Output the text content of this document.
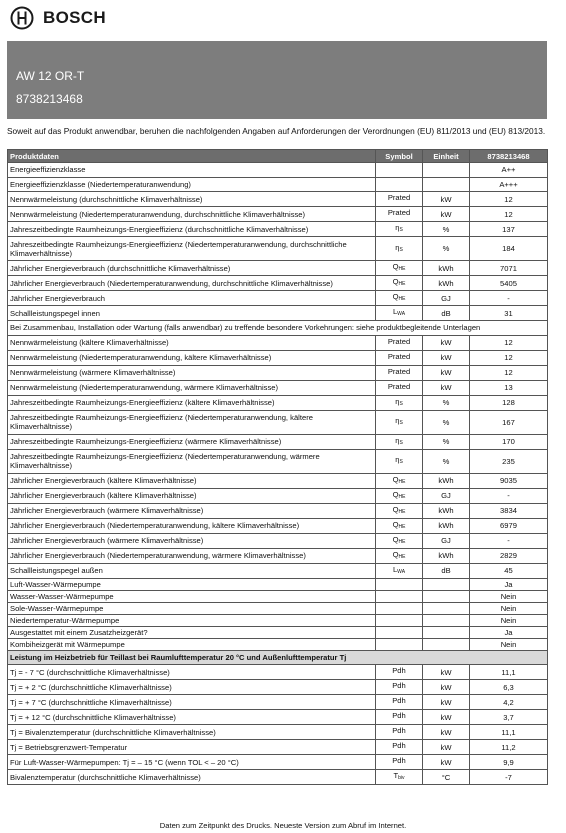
BOSCH
AW 12 OR-T
8738213468
Soweit auf das Produkt anwendbar, beruhen die nachfolgenden Angaben auf Anforderungen der Verordnungen (EU) 811/2013 und (EU) 813/2013.
Produktdaten	Symbol	Einheit	8738213468
Energieeffizienzklasse			A++
Energieeffizienzklasse (Niedertemperaturanwendung)			A+++
Nennwärmeleistung (durchschnittliche Klimaverhältnisse)	Prated	kW	12
Nennwärmeleistung (Niedertemperaturanwendung, durchschnittliche Klimaverhältnisse)	Prated	kW	12
Jahreszeitbedingte Raumheizungs-Energieeffizienz (durchschnittliche Klimaverhältnisse)	$\eta_S$	%	137
Jahreszeitbedingte Raumheizungs-Energieeffizienz (Niedertemperaturanwendung, durchschnittliche Klimaverhältnisse)	$\eta_S$	%	184
Jährlicher Energieverbrauch (durchschnittliche Klimaverhältnisse)	$Q_{HE}$	kWh	7071
Jährlicher Energieverbrauch (Niedertemperaturanwendung, durchschnittliche Klimaverhältnisse)	$Q_{HE}$	kWh	5405
Jährlicher Energieverbrauch	$Q_{HE}$	GJ	-
Schallleistungspegel innen	$L_{WA}$	dB	31
Bei Zusammenbau, Installation oder Wartung (falls anwendbar) zu treffende besondere Vorkehrungen: siehe produktbegleitende Unterlagen			
Nennwärmeleistung (kältere Klimaverhältnisse)	Prated	kW	12
Nennwärmeleistung (Niedertemperaturanwendung, kältere Klimaverhältnisse)	Prated	kW	12
Nennwärmeleistung (wärmere Klimaverhältnisse)	Prated	kW	12
Nennwärmeleistung (Niedertemperaturanwendung, wärmere Klimaverhältnisse)	Prated	kW	13
Jahreszeitbedingte Raumheizungs-Energieeffizienz (kältere Klimaverhältnisse)	$\eta_S$	%	128
Jahreszeitbedingte Raumheizungs-Energieeffizienz (Niedertemperaturanwendung, kältere Klimaverhältnisse)	$\eta_S$	%	167
Jahreszeitbedingte Raumheizungs-Energieeffizienz (wärmere Klimaverhältnisse)	$\eta_S$	%	170
Jahreszeitbedingte Raumheizungs-Energieeffizienz (Niedertemperaturanwendung, wärmere Klimaverhältnisse)	$\eta_S$	%	235
Jährlicher Energieverbrauch (kältere Klimaverhältnisse)	$Q_{HE}$	kWh	9035
Jährlicher Energieverbrauch (kältere Klimaverhältnisse)	$Q_{HE}$	GJ	-
Jährlicher Energieverbrauch (wärmere Klimaverhältnisse)	$Q_{HE}$	kWh	3834
Jährlicher Energieverbrauch (Niedertemperaturanwendung, kältere Klimaverhältnisse)	$Q_{HE}$	kWh	6979
Jährlicher Energieverbrauch (wärmere Klimaverhältnisse)	$Q_{HE}$	GJ	-
Jährlicher Energieverbrauch (Niedertemperaturanwendung, wärmere Klimaverhältnisse)	$Q_{HE}$	kWh	2829
Schallleistungspegel außen	$L_{WA}$	dB	45
Luft-Wasser-Wärmepumpe			Ja
Wasser-Wasser-Wärmepumpe			Nein
Sole-Wasser-Wärmepumpe			Nein
Niedertemperatur-Wärmepumpe			Nein
Ausgestattet mit einem Zusatzheizgerät?			Ja
Kombiheizgerät mit Wärmepumpe			Nein
Leistung im Heizbetrieb für Teillast bei Raumlufttemperatur 20 °C und Außenlufttemperatur Tj			
Tj = - 7 °C (durchschnittliche Klimaverhältnisse)	Pdh	kW	11,1
Tj = + 2 °C (durchschnittliche Klimaverhältnisse)	Pdh	kW	6,3
Tj = + 7 °C (durchschnittliche Klimaverhältnisse)	Pdh	kW	4,2
Tj = + 12 °C (durchschnittliche Klimaverhältnisse)	Pdh	kW	3,7
Tj = Bivalenztemperatur (durchschnittliche Klimaverhältnisse)	Pdh	kW	11,1
Tj = Betriebsgrenzwert-Temperatur	Pdh	kW	11,2
Für Luft-Wasser-Wärmepumpen: Tj = – 15 °C (wenn TOL < – 20 °C)	Pdh	kW	9,9
Bivalenztemperatur (durchschnittliche Klimaverhältnisse)	$T_{biv}$	°C	-7
Daten zum Zeitpunkt des Drucks. Neueste Version zum Abruf im Internet.
